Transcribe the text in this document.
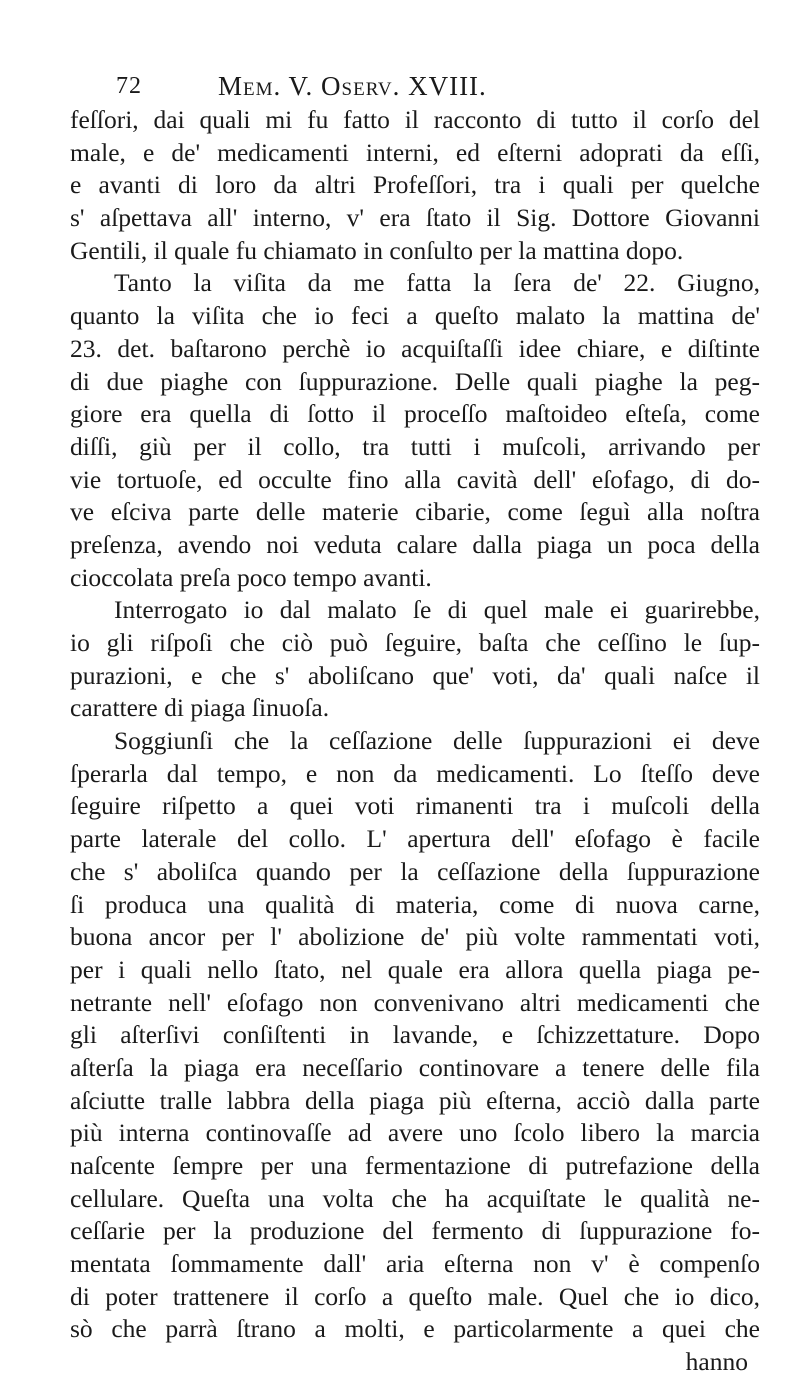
72	Mem. V. Oserv. XVIII.
feſſori, dai quali mi fu fatto il racconto di tutto il corſo del
male, e de' medicamenti interni, ed eſterni adoprati da eſſi,
e avanti di loro da altri Profeſſori, tra i quali per quelche
s' aſpettava all' interno, v' era ſtato il Sig. Dottore Giovanni
Gentili, il quale fu chiamato in conſulto per la mattina dopo.
Tanto la viſita da me fatta la ſera de' 22. Giugno,
quanto la viſita che io feci a queſto malato la mattina de'
23. det. baſtarono perchè io acquiſtaſſi idee chiare, e diſtinte
di due piaghe con ſuppurazione. Delle quali piaghe la peg-
giore era quella di ſotto il proceſſo maſtoideo eſteſa, come
diſſi, giù per il collo, tra tutti i muſcoli, arrivando per
vie tortuoſe, ed occulte fino alla cavità dell' eſofago, di do-
ve eſciva parte delle materie cibarie, come ſeguì alla noſtra
preſenza, avendo noi veduta calare dalla piaga un poca della
cioccolata preſa poco tempo avanti.
Interrogato io dal malato ſe di quel male ei guarirebbe,
io gli riſpoſi che ciò può ſeguire, baſta che ceſſino le ſup-
purazioni, e che s' aboliſcano que' voti, da' quali naſce il
carattere di piaga ſinuoſa.
Soggiunſi che la ceſſazione delle ſuppurazioni ei deve
ſperarla dal tempo, e non da medicamenti. Lo ſteſſo deve
ſeguire riſpetto a quei voti rimanenti tra i muſcoli della
parte laterale del collo. L' apertura dell' eſofago è facile
che s' aboliſca quando per la ceſſazione della ſuppurazione
ſi produca una qualità di materia, come di nuova carne,
buona ancor per l' abolizione de' più volte rammentati voti,
per i quali nello ſtato, nel quale era allora quella piaga pe-
netrante nell' eſofago non convenivano altri medicamenti che
gli aſterſivi conſiſtenti in lavande, e ſchizzettature. Dopo
aſterſa la piaga era neceſſario continovare a tenere delle fila
aſciutte tralle labbra della piaga più eſterna, acciò dalla parte
più interna continovaſſe ad avere uno ſcolo libero la marcia
naſcente ſempre per una fermentazione di putrefazione della
cellulare. Queſta una volta che ha acquiſtate le qualità ne-
ceſſarie per la produzione del fermento di ſuppurazione fo-
mentata ſommamente dall' aria eſterna non v' è compenſo
di poter trattenere il corſo a queſto male. Quel che io dico,
sò che parrà ſtrano a molti, e particolarmente a quei che
hanno
